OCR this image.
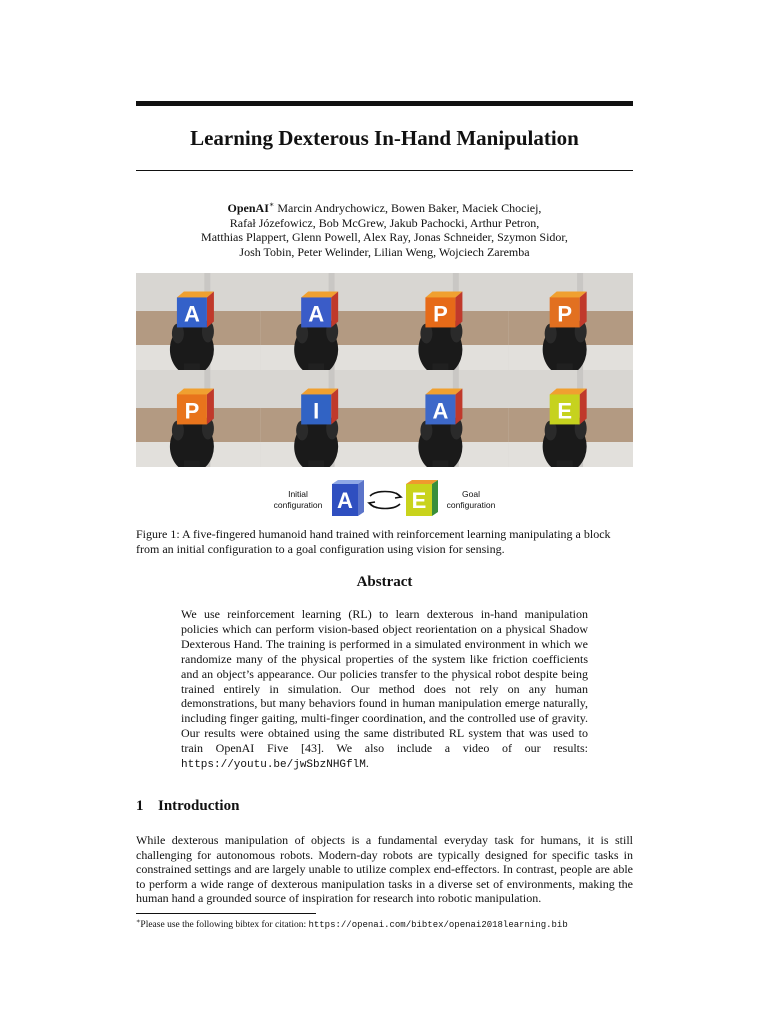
Learning Dexterous In-Hand Manipulation
OpenAI∗ Marcin Andrychowicz, Bowen Baker, Maciek Chociej,
Rafał Józefowicz, Bob McGrew, Jakub Pachocki, Arthur Petron,
Matthias Plappert, Glenn Powell, Alex Ray, Jonas Schneider, Szymon Sidor,
Josh Tobin, Peter Welinder, Lilian Weng, Wojciech Zaremba
A	A	P	P
P	I	A	E
Initial
configuration A	E	Goal
configuration
Figure 1: A five-fingered humanoid hand trained with reinforcement learning manipulating a block from an initial configuration to a goal configuration using vision for sensing.
Abstract
We use reinforcement learning (RL) to learn dexterous in-hand manipulation policies which can perform vision-based object reorientation on a physical Shadow Dexterous Hand. The training is performed in a simulated environment in which we randomize many of the physical properties of the system like friction coefficients and an object’s appearance. Our policies transfer to the physical robot despite being trained entirely in simulation. Our method does not rely on any human demonstrations, but many behaviors found in human manipulation emerge naturally, including finger gaiting, multi-finger coordination, and the controlled use of gravity. Our results were obtained using the same distributed RL system that was used to train OpenAI Five [43]. We also include a video of our results: https://youtu.be/jwSbzNHGflM.
1 Introduction
While dexterous manipulation of objects is a fundamental everyday task for humans, it is still challenging for autonomous robots. Modern-day robots are typically designed for specific tasks in constrained settings and are largely unable to utilize complex end-effectors. In contrast, people are able to perform a wide range of dexterous manipulation tasks in a diverse set of environments, making the human hand a grounded source of inspiration for research into robotic manipulation.
∗Please use the following bibtex for citation: https://openai.com/bibtex/openai2018learning.bib
